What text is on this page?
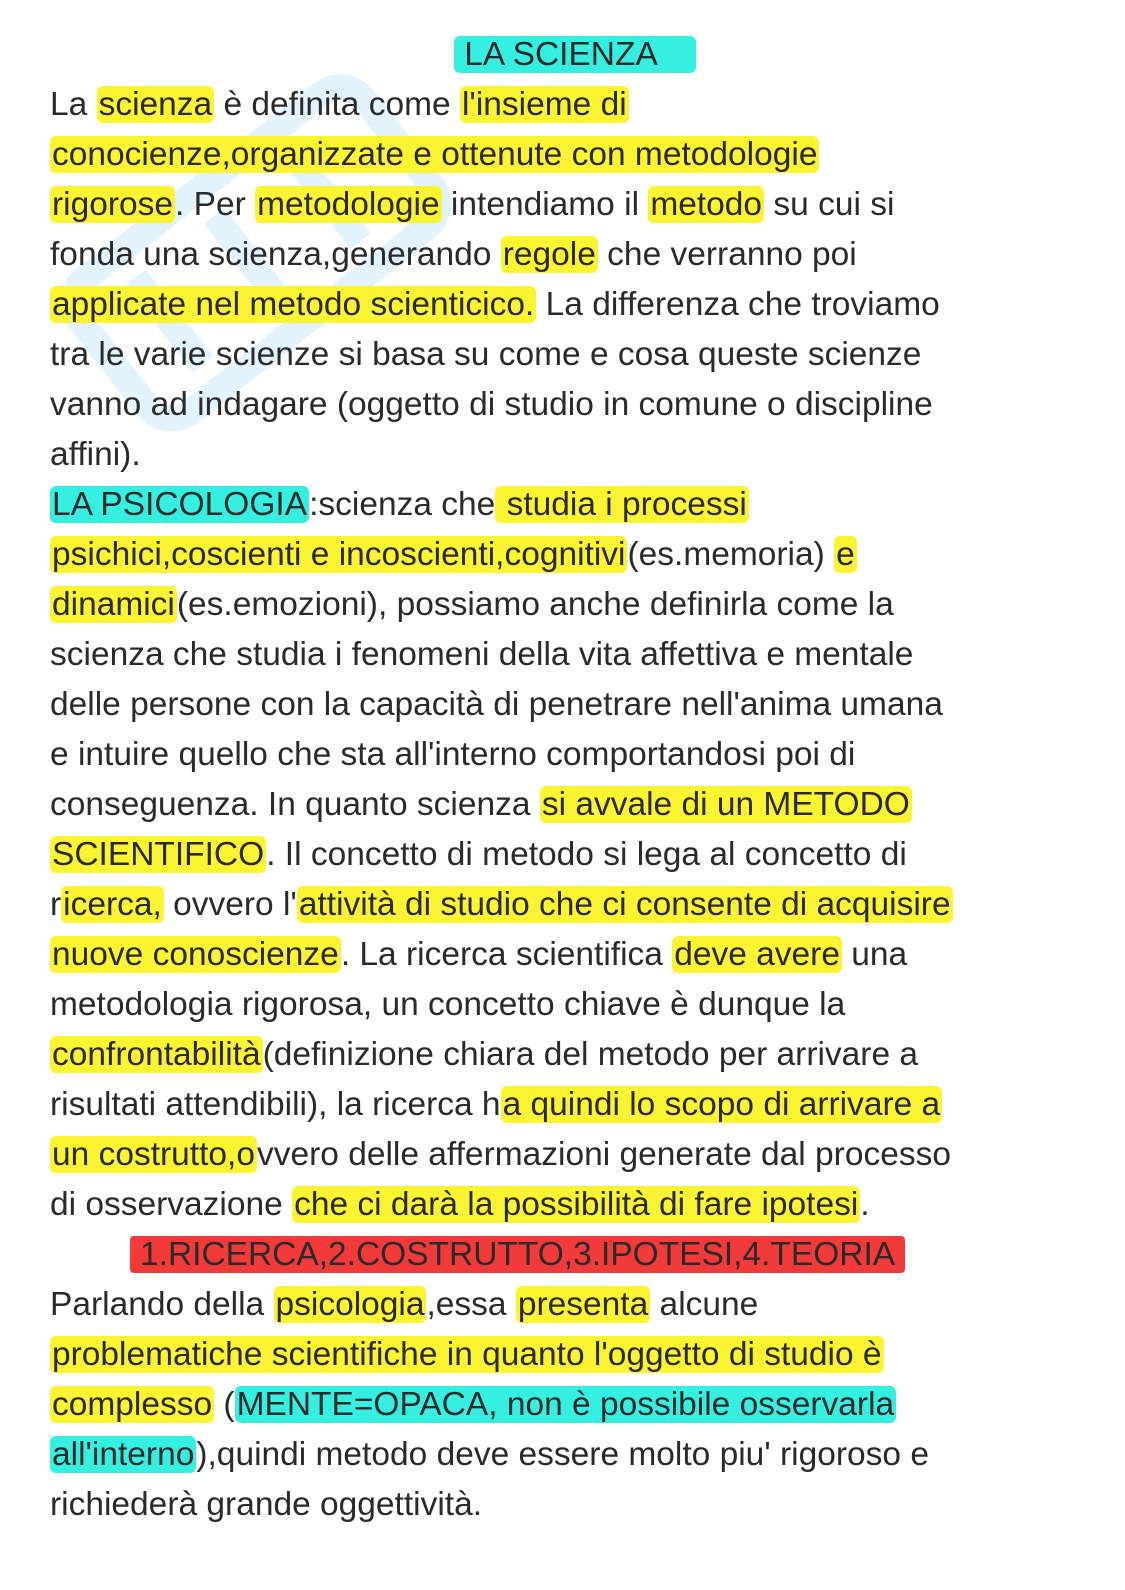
LA SCIENZA
La scienza è definita come l'insieme di
conocienze,organizzate e ottenute con metodologie
rigorose. Per metodologie intendiamo il metodo su cui si
fonda una scienza,generando regole che verranno poi
applicate nel metodo scienticico. La differenza che troviamo
tra le varie scienze si basa su come e cosa queste scienze
vanno ad indagare (oggetto di studio in comune o discipline
affini).
LA PSICOLOGIA:scienza che studia i processi
psichici,coscienti e incoscienti,cognitivi(es.memoria) e
dinamici(es.emozioni), possiamo anche definirla come la
scienza che studia i fenomeni della vita affettiva e mentale
delle persone con la capacità di penetrare nell'anima umana
e intuire quello che sta all'interno comportandosi poi di
conseguenza. In quanto scienza si avvale di un METODO
SCIENTIFICO. Il concetto di metodo si lega al concetto di
ricerca, ovvero l'attività di studio che ci consente di acquisire
nuove conoscienze. La ricerca scientifica deve avere una
metodologia rigorosa, un concetto chiave è dunque la
confrontabilità(definizione chiara del metodo per arrivare a
risultati attendibili), la ricerca ha quindi lo scopo di arrivare a
un costrutto,ovvero delle affermazioni generate dal processo
di osservazione che ci darà la possibilità di fare ipotesi.
1.RICERCA,2.COSTRUTTO,3.IPOTESI,4.TEORIA
Parlando della psicologia,essa presenta alcune
problematiche scientifiche in quanto l'oggetto di studio è
complesso (MENTE=OPACA, non è possibile osservarla
all'interno),quindi metodo deve essere molto piu' rigoroso e
richiederà grande oggettività.
